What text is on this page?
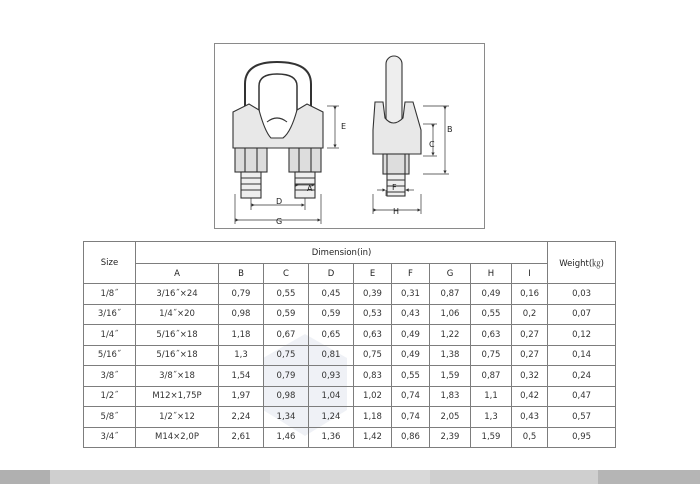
E
A
D
G
B
C
F
H
Size	Dimension(in)									Weight(㎏)
	A	B	C	D	E	F	G	H	I	
1/8˝	3/16˝×24	0,79	0,55	0,45	0,39	0,31	0,87	0,49	0,16	0,03
3/16˝	1/4˝×20	0,98	0,59	0,59	0,53	0,43	1,06	0,55	0,2	0,07
1/4˝	5/16˝×18	1,18	0,67	0,65	0,63	0,49	1,22	0,63	0,27	0,12
5/16˝	5/16˝×18	1,3	0,75	0,81	0,75	0,49	1,38	0,75	0,27	0,14
3/8˝	3/8˝×18	1,54	0,79	0,93	0,83	0,55	1,59	0,87	0,32	0,24
1/2˝	M12×1,75P	1,97	0,98	1,04	1,02	0,74	1,83	1,1	0,42	0,47
5/8˝	1/2˝×12	2,24	1,34	1,24	1,18	0,74	2,05	1,3	0,43	0,57
3/4˝	M14×2,0P	2,61	1,46	1,36	1,42	0,86	2,39	1,59	0,5	0,95
